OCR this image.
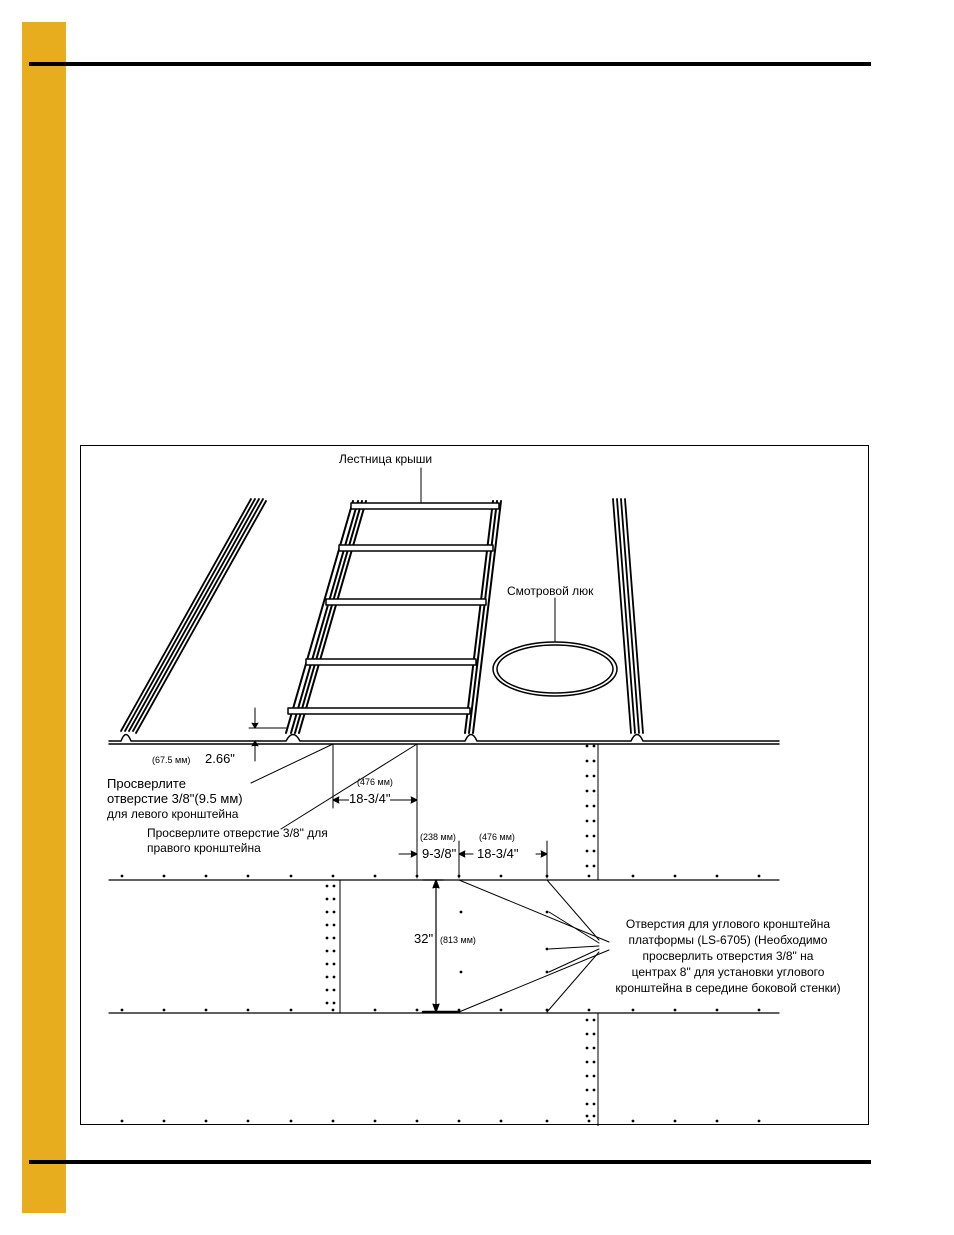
Лестница крыши
Смотровой люк
(67.5 мм) 2.66"
Просверлите
отверстие 3/8"(9.5 мм)
для левого кронштейна
(476 мм)
18-3/4"
Просверлите отверстие 3/8" для
правого кронштейна
(238 мм)
9-3/8"
(476 мм)
18-3/4"
32" (813 мм)
Отверстия для углового кронштейна
платформы (LS-6705) (Необходимо
просверлить отверстия 3/8" на
центрах 8" для установки углового
кронштейна в середине боковой стенки)
